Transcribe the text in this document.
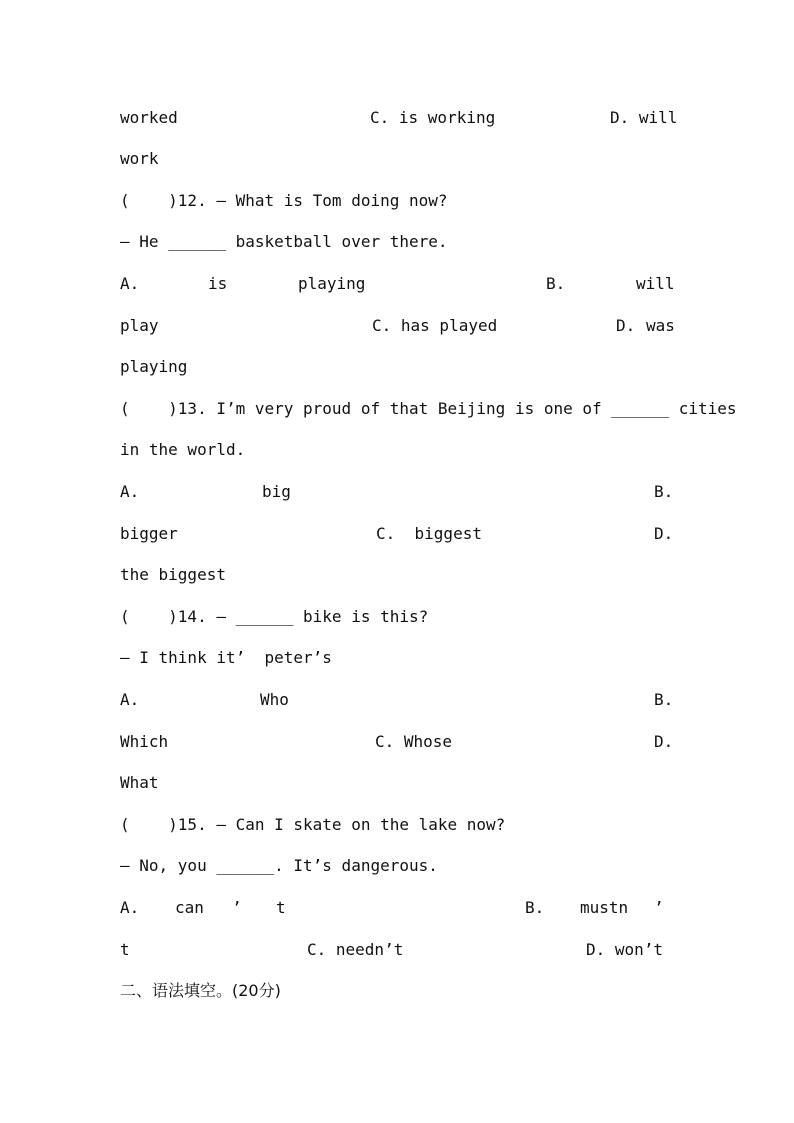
worked

	C. is working

	D. will

work
(    )12. — What is Tom doing now?
— He ______ basketball over there.

A.

	is

	playing

	B.

	will

play

	C. has played

	D.

was

playing
(    )13. I’m very proud of that Beijing is one of ______ cities
in the world.

A.

	big

	B.

bigger

	C.  biggest

	D.

the biggest
(    )14. — ______ bike is this?
— I think it’  peter’s

A.

	Who

	B.

Which

	C. Whose

	D.

What
(    )15. — Can I skate on the lake now?
— No, you ______. It’s dangerous.

A.

can

’

t

	B.

mustn

’

t

	C. needn’t

	D. won’t

二、语法填空。(20分)
